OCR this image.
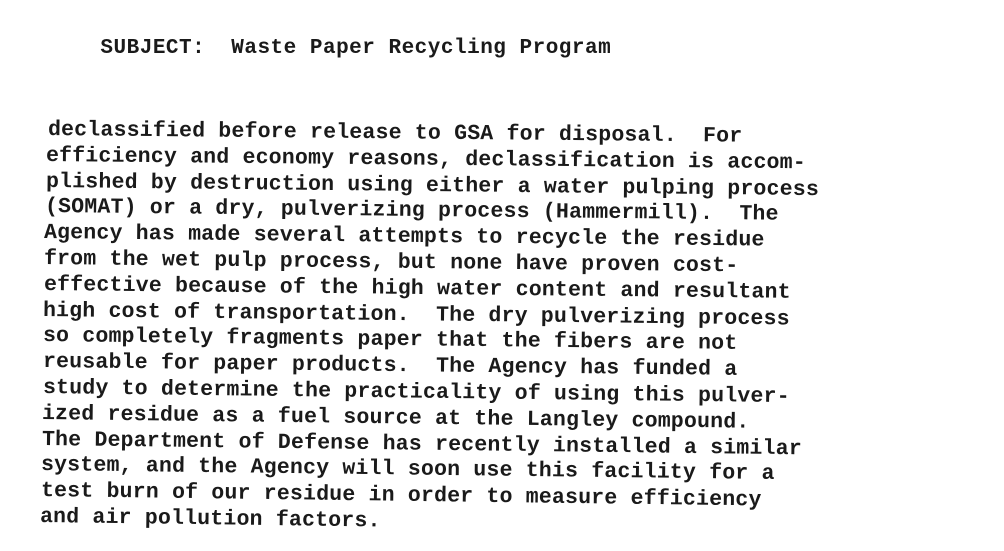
SUBJECT: Waste Paper Recycling Program

declassified before release to GSA for disposal.  For
efficiency and economy reasons, declassification is accom-
plished by destruction using either a water pulping process
(SOMAT) or a dry, pulverizing process (Hammermill).  The
Agency has made several attempts to recycle the residue
from the wet pulp process, but none have proven cost-
effective because of the high water content and resultant
high cost of transportation.  The dry pulverizing process
so completely fragments paper that the fibers are not
reusable for paper products.  The Agency has funded a
study to determine the practicality of using this pulver-
ized residue as a fuel source at the Langley compound.
The Department of Defense has recently installed a similar
system, and the Agency will soon use this facility for a
test burn of our residue in order to measure efficiency
and air pollution factors.
